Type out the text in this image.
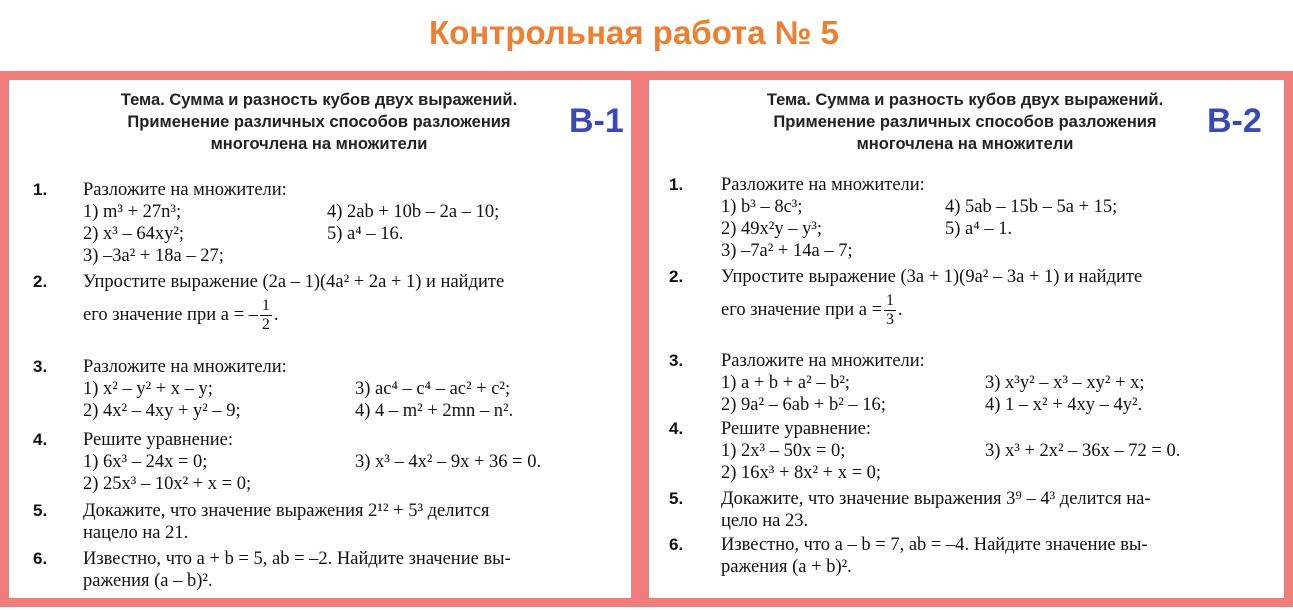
Контрольная работа № 5
Тема. Сумма и разность кубов двух выражений.
Применение различных способов разложения
многочлена на множители
В-1
1. Разложите на множители:
1) m³ + 27n³;	4) 2ab + 10b – 2a – 10;
2) x³ – 64xy²;	5) a⁴ – 16.
3) –3a² + 18a – 27;
2. Упростите выражение (2a – 1)(4a² + 2a + 1) и найдите
его значение при a = – $\frac{1}{2}$ .
3. Разложите на множители:
1) x² – y² + x – y;	3) ac⁴ – c⁴ – ac² + c²;
2) 4x² – 4xy + y² – 9;	4) 4 – m² + 2mn – n².
4. Решите уравнение:
1) 6x³ – 24x = 0;	3) x³ – 4x² – 9x + 36 = 0.
2) 25x³ – 10x² + x = 0;
5. Докажите, что значение выражения 2¹² + 5³ делится
нацело на 21.
6. Известно, что a + b = 5, ab = –2. Найдите значение вы-
ражения (a – b)².
Тема. Сумма и разность кубов двух выражений.
Применение различных способов разложения
многочлена на множители
В-2
1. Разложите на множители:
1) b³ – 8c³;	4) 5ab – 15b – 5a + 15;
2) 49x²y – y³;	5) a⁴ – 1.
3) –7a² + 14a – 7;
2. Упростите выражение (3a + 1)(9a² – 3a + 1) и найдите
его значение при $a = \frac{1}{3}$ .
3. Разложите на множители:
1) a + b + a² – b²;	3) x³y² – x³ – xy² + x;
2) 9a² – 6ab + b² – 16;	4) 1 – x² + 4xy – 4y².
4. Решите уравнение:
1) 2x³ – 50x = 0;	3) x³ + 2x² – 36x – 72 = 0.
2) 16x³ + 8x² + x = 0;
5. Докажите, что значение выражения 3⁹ – 4³ делится на-
цело на 23.
6. Известно, что a – b = 7, ab = –4. Найдите значение вы-
ражения (a + b)².
